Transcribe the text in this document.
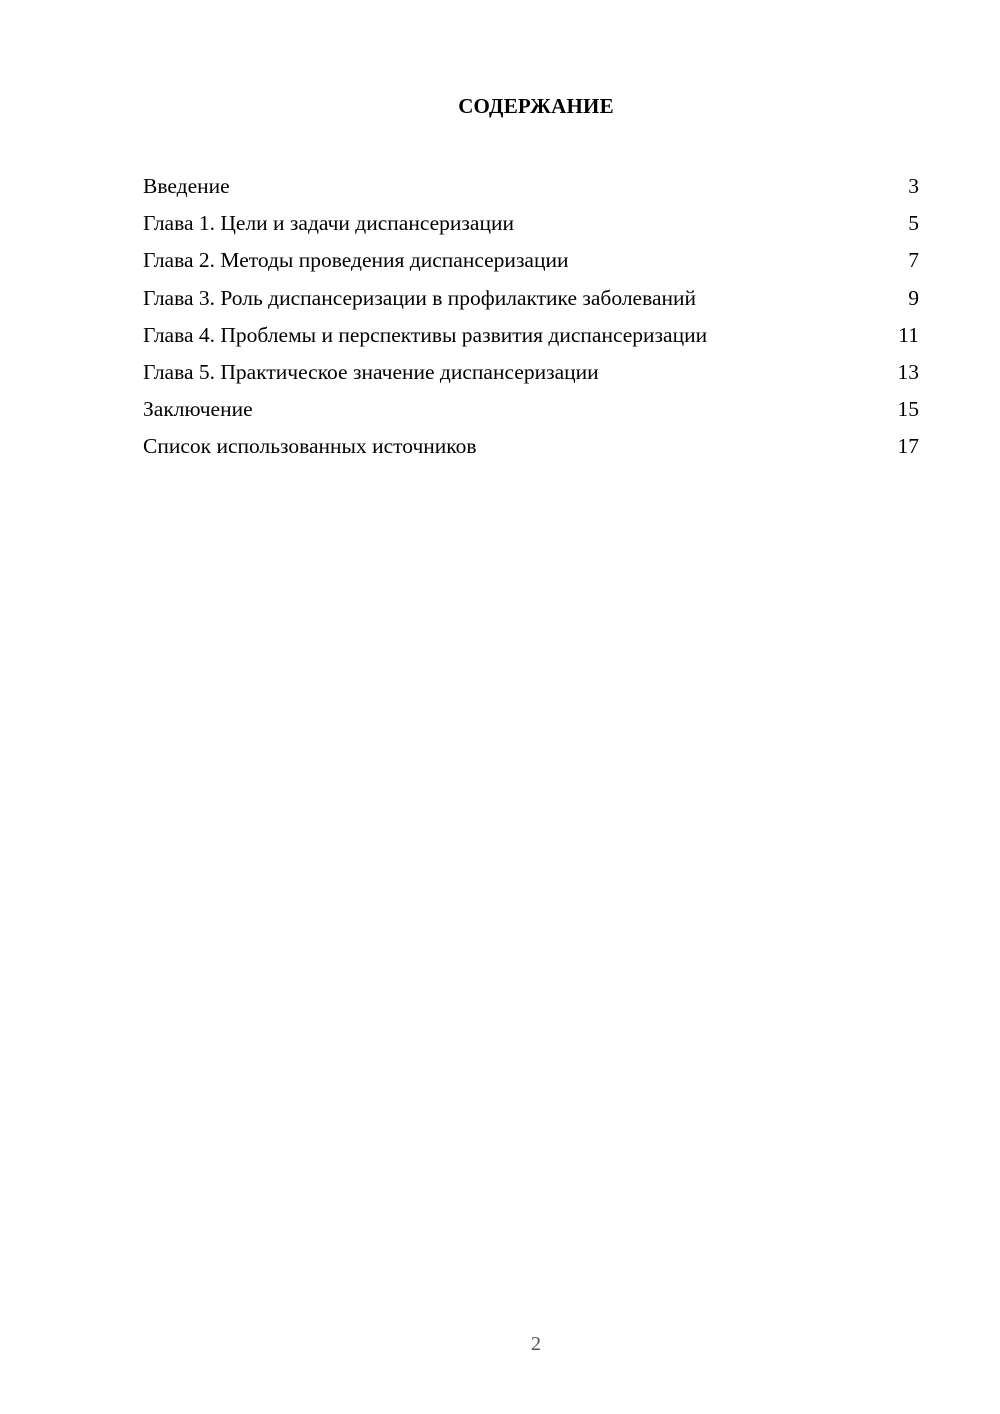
СОДЕРЖАНИЕ
Введение	3
Глава 1. Цели и задачи диспансеризации	5
Глава 2. Методы проведения диспансеризации	7
Глава 3. Роль диспансеризации в профилактике заболеваний	9
Глава 4. Проблемы и перспективы развития диспансеризации	11
Глава 5. Практическое значение диспансеризации	13
Заключение	15
Список использованных источников	17
2
